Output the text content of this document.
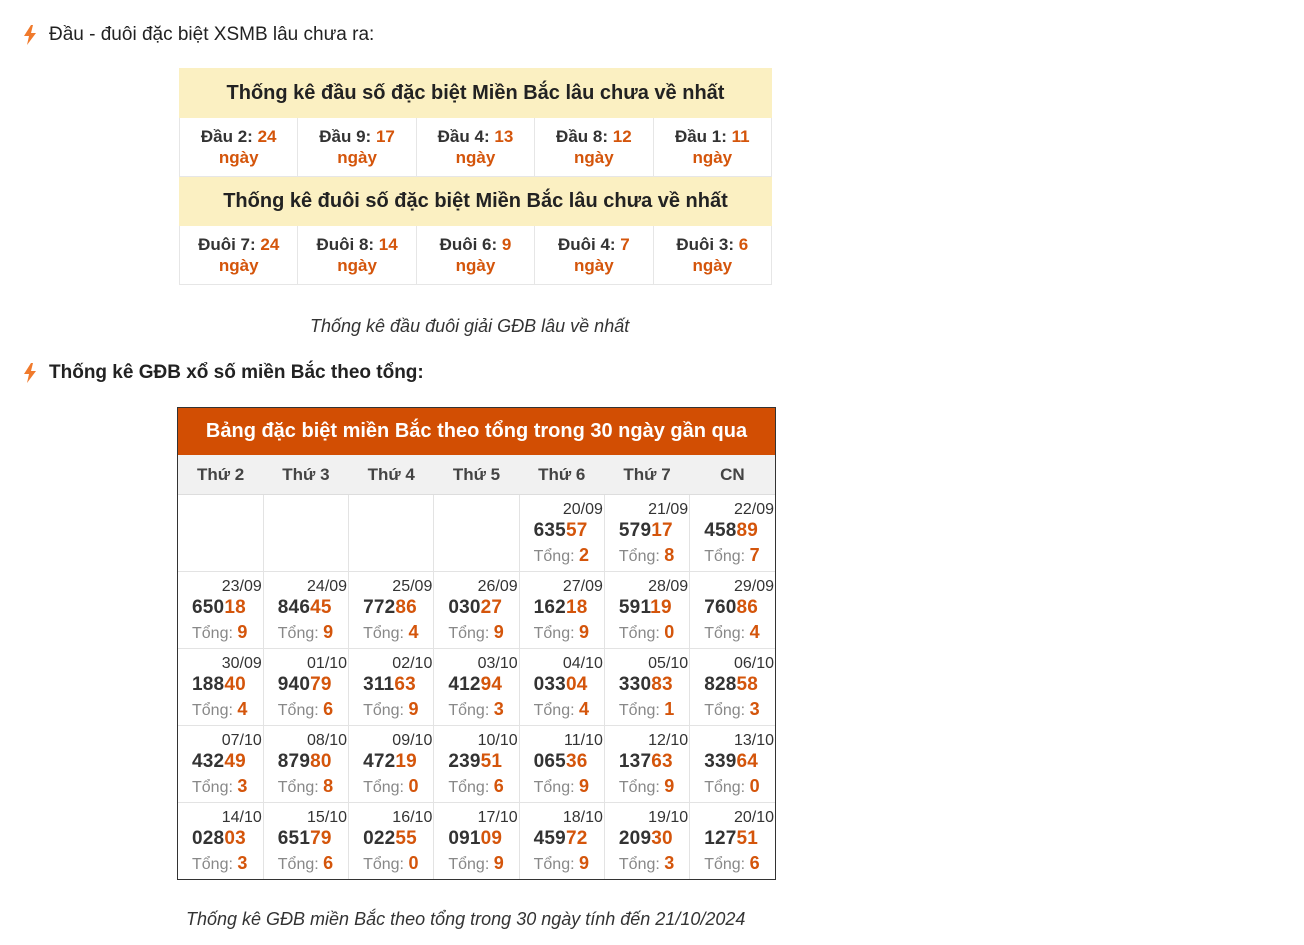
Đầu - đuôi đặc biệt XSMB lâu chưa ra:
Thống kê đầu số đặc biệt Miền Bắc lâu chưa về nhất				
Đầu 2: 24
ngày	Đầu 9: 17
ngày	Đầu 4: 13
ngày	Đầu 8: 12
ngày	Đầu 1: 11
ngày
Thống kê đuôi số đặc biệt Miền Bắc lâu chưa về nhất				
Đuôi 7: 24
ngày	Đuôi 8: 14
ngày	Đuôi 6: 9
ngày	Đuôi 4: 7
ngày	Đuôi 3: 6
ngày
Thống kê đầu đuôi giải GĐB lâu về nhất
Thống kê GĐB xổ số miền Bắc theo tổng:
Bảng đặc biệt miền Bắc theo tổng trong 30 ngày gần qua
Thứ 2	Thứ 3	Thứ 4	Thứ 5	Thứ 6	Thứ 7	CN

				20/09
63557
Tổng: 2	21/09
57917
Tổng: 8	22/09
45889
Tổng: 7

23/09
65018
Tổng: 9	24/09
84645
Tổng: 9	25/09
77286
Tổng: 4	26/09
03027
Tổng: 9	27/09
16218
Tổng: 9	28/09
59119
Tổng: 0	29/09
76086
Tổng: 4

30/09
18840
Tổng: 4	01/10
94079
Tổng: 6	02/10
31163
Tổng: 9	03/10
41294
Tổng: 3	04/10
03304
Tổng: 4	05/10
33083
Tổng: 1	06/10
82858
Tổng: 3

07/10
43249
Tổng: 3	08/10
87980
Tổng: 8	09/10
47219
Tổng: 0	10/10
23951
Tổng: 6	11/10
06536
Tổng: 9	12/10
13763
Tổng: 9	13/10
33964
Tổng: 0

14/10
02803
Tổng: 3	15/10
65179
Tổng: 6	16/10
02255
Tổng: 0	17/10
09109
Tổng: 9	18/10
45972
Tổng: 9	19/10
20930
Tổng: 3	20/10
12751
Tổng: 6
Thống kê GĐB miền Bắc theo tổng trong 30 ngày tính đến 21/10/2024
